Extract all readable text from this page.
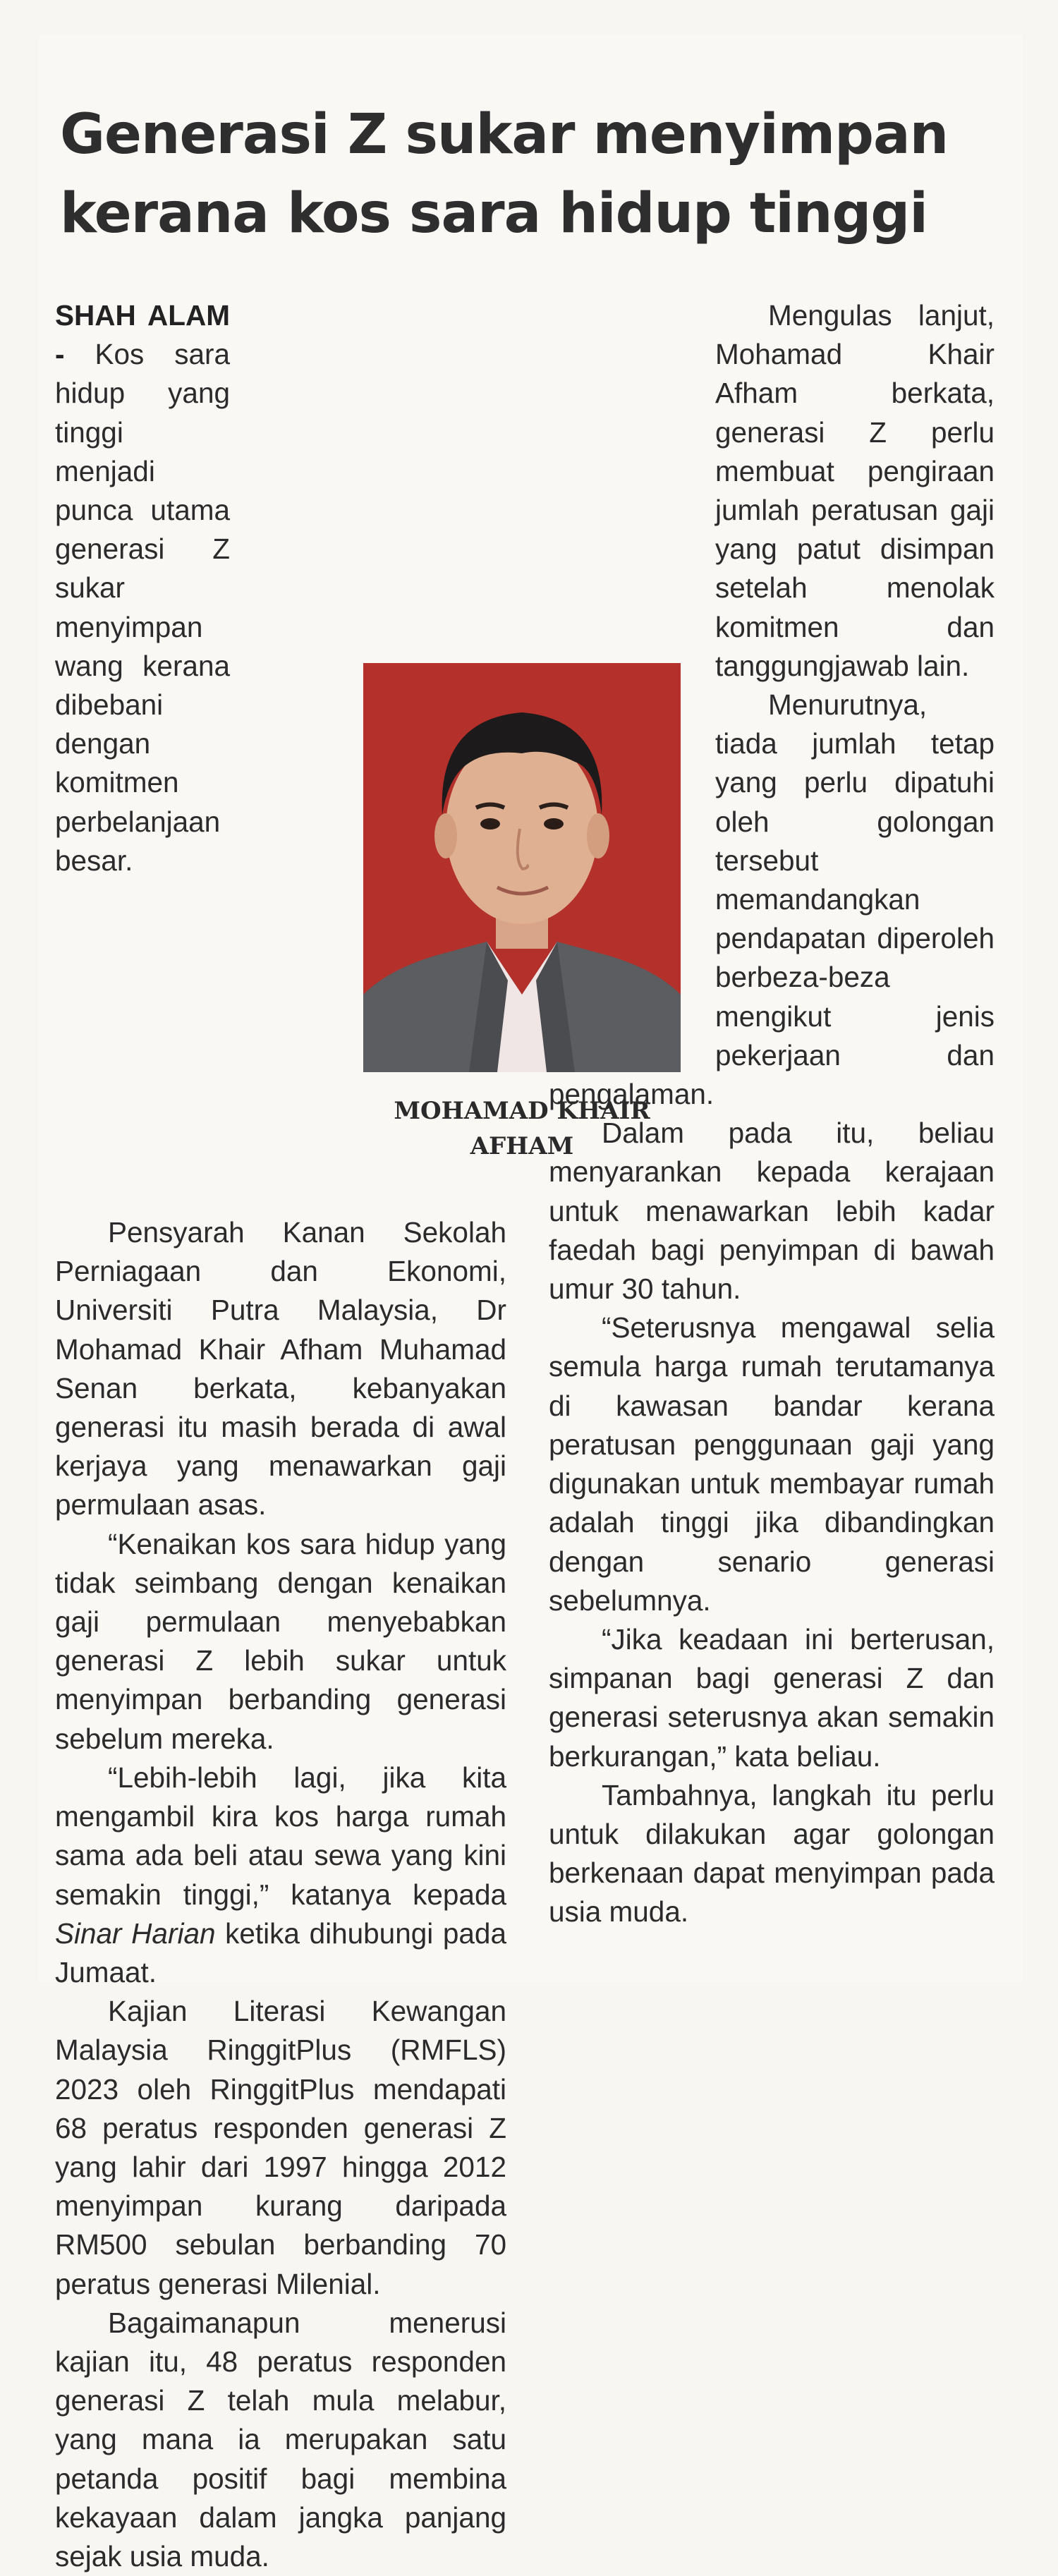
Generasi Z sukar menyimpan
kerana kos sara hidup tinggi

SHAH ALAM - Kos sara hidup yang tinggi menjadi punca utama generasi Z sukar menyimpan wang kerana dibebani dengan komitmen perbelanjaan besar.

Pensyarah Kanan Sekolah Perniagaan dan Ekonomi, Universiti Putra Malaysia, Dr Mohamad Khair Afham Muhamad Senan berkata, kebanyakan generasi itu masih berada di awal kerjaya yang menawarkan gaji permulaan asas.

“Kenaikan kos sara hidup yang tidak seimbang dengan kenaikan gaji permulaan menyebabkan generasi Z lebih sukar untuk menyimpan berbanding generasi sebelum mereka.

“Lebih-lebih lagi, jika kita mengambil kira kos harga rumah sama ada beli atau sewa yang kini semakin tinggi,” katanya kepada Sinar Harian ketika dihubungi pada Jumaat.

Kajian Literasi Kewangan Malaysia RinggitPlus (RMFLS) 2023 oleh RinggitPlus mendapati 68 peratus responden generasi Z yang lahir dari 1997 hingga 2012 menyimpan kurang daripada RM500 sebulan berbanding 70 peratus generasi Milenial.

Bagaimanapun menerusi kajian itu, 48 peratus responden generasi Z telah mula melabur, yang mana ia merupakan satu petanda positif bagi membina kekayaan dalam jangka panjang sejak usia muda.

Mengulas lanjut, Mohamad Khair Afham berkata, generasi Z perlu membuat pengiraan jumlah peratusan gaji yang patut disimpan setelah menolak komitmen dan tanggungjawab lain.

Menurutnya, tiada jumlah tetap yang perlu dipatuhi oleh golongan tersebut memandangkan pendapatan diperoleh berbeza-beza mengikut jenis pekerjaan dan pengalaman.

Dalam pada itu, beliau menyarankan kepada kerajaan untuk menawarkan lebih kadar faedah bagi penyimpan di bawah umur 30 tahun.

“Seterusnya mengawal selia semula harga rumah terutamanya di kawasan bandar kerana peratusan penggunaan gaji yang digunakan untuk membayar rumah adalah tinggi jika dibandingkan dengan senario generasi sebelumnya.

“Jika keadaan ini berterusan, simpanan bagi generasi Z dan generasi seterusnya akan semakin berkurangan,” kata beliau.

Tambahnya, langkah itu perlu untuk dilakukan agar golongan berkenaan dapat menyimpan pada usia muda.

MOHAMAD KHAIR
AFHAM
